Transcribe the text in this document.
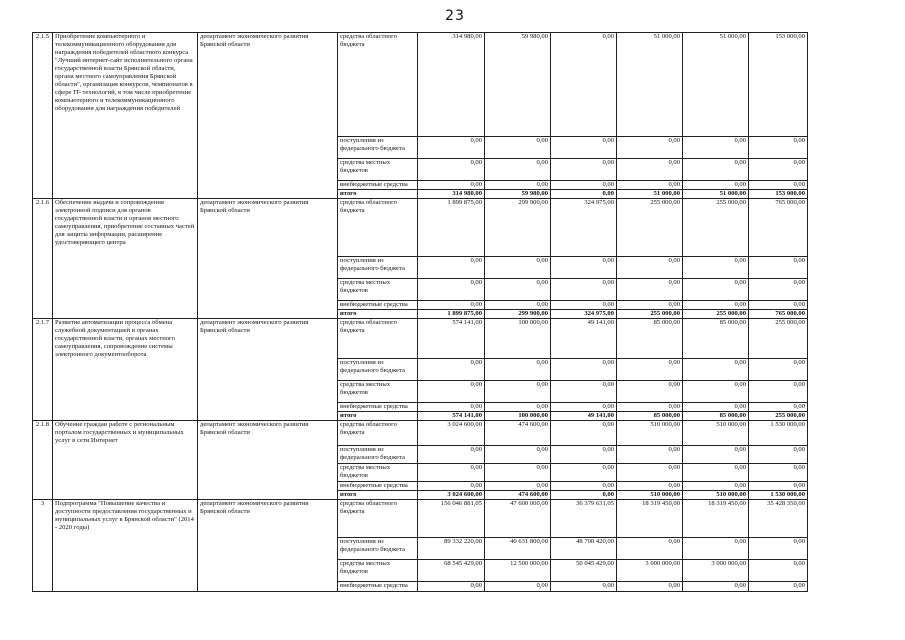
23
2.1.5	Приобретение компьютерного и телекоммуникационного оборудования для награждения победителей областного конкурса "Лучший интернет-сайт исполнительного органа государственной власти Брянской области, органа местного самоуправления Брянской области", организация конкурсов, чемпионатов в сфере IT- технологий, в том числе приобретение компьютерного и телекоммуникационного оборудования для награждения победителей	департамент экономического развития Брянской области	средства областного бюджета	314 980,00	59 980,00	0,00	51 000,00	51 000,00	153 000,00
			поступления из федерального бюджета	0,00	0,00	0,00	0,00	0,00	0,00
			средства местных бюджетов	0,00	0,00	0,00	0,00	0,00	0,00
			внебюджетные средства	0,00	0,00	0,00	0,00	0,00	0,00
			итого	314 980,00	59 980,00	0,00	51 000,00	51 000,00	153 000,00
2.1.6	Обеспечение выдачи и сопровождения электронной подписи для органов государственной власти и органов местного самоуправления, приобретение составных частей для защиты информации, расширение удостоверяющего центра	департамент экономического развития Брянской области	средства областного бюджета	1 899 875,00	299 900,00	324 975,00	255 000,00	255 000,00	765 000,00
			поступления из федерального бюджета	0,00	0,00	0,00	0,00	0,00	0,00
			средства местных бюджетов	0,00	0,00	0,00	0,00	0,00	0,00
			внебюджетные средства	0,00	0,00	0,00	0,00	0,00	0,00
			итого	1 899 875,00	299 900,00	324 975,00	255 000,00	255 000,00	765 000,00
2.1.7	Развитие автоматизации процесса обмена служебной документацией в органах государственной власти, органах местного самоуправления, сопровождение системы электронного документооборота	департамент экономического развития Брянской области	средства областного бюджета	574 141,00	100 000,00	49 141,00	85 000,00	85 000,00	255 000,00
			поступления из федерального бюджета	0,00	0,00	0,00	0,00	0,00	0,00
			средства местных бюджетов	0,00	0,00	0,00	0,00	0,00	0,00
			внебюджетные средства	0,00	0,00	0,00	0,00	0,00	0,00
			итого	574 141,00	100 000,00	49 141,00	85 000,00	85 000,00	255 000,00
2.1.8	Обучение граждан работе с региональным порталом государственных и муниципальных услуг в сети Интернет	департамент экономического развития Брянской области	средства областного бюджета	3 024 600,00	474 600,00	0,00	510 000,00	510 000,00	1 530 000,00
			поступления из федерального бюджета	0,00	0,00	0,00	0,00	0,00	0,00
			средства местных бюджетов	0,00	0,00	0,00	0,00	0,00	0,00
			внебюджетные средства	0,00	0,00	0,00	0,00	0,00	0,00
			итого	3 024 600,00	474 600,00	0,00	510 000,00	510 000,00	1 530 000,00
3	Подпрограмма "Повышение качества и доступности предоставления государственных и муниципальных услуг в Брянской области" (2014 - 2020 годы)	департамент экономического развития Брянской области	средства областного бюджета	156 046 881,05	47 600 000,00	36 379 631,05	18 319 450,00	18 319 450,00	35 428 350,00
			поступления из федерального бюджета	89 332 220,00	40 631 800,00	48 700 420,00	0,00	0,00	0,00
			средства местных бюджетов	68 545 429,00	12 500 000,00	50 045 429,00	3 000 000,00	3 000 000,00	0,00
			внебюджетные средства	0,00	0,00	0,00	0,00	0,00	0,00
